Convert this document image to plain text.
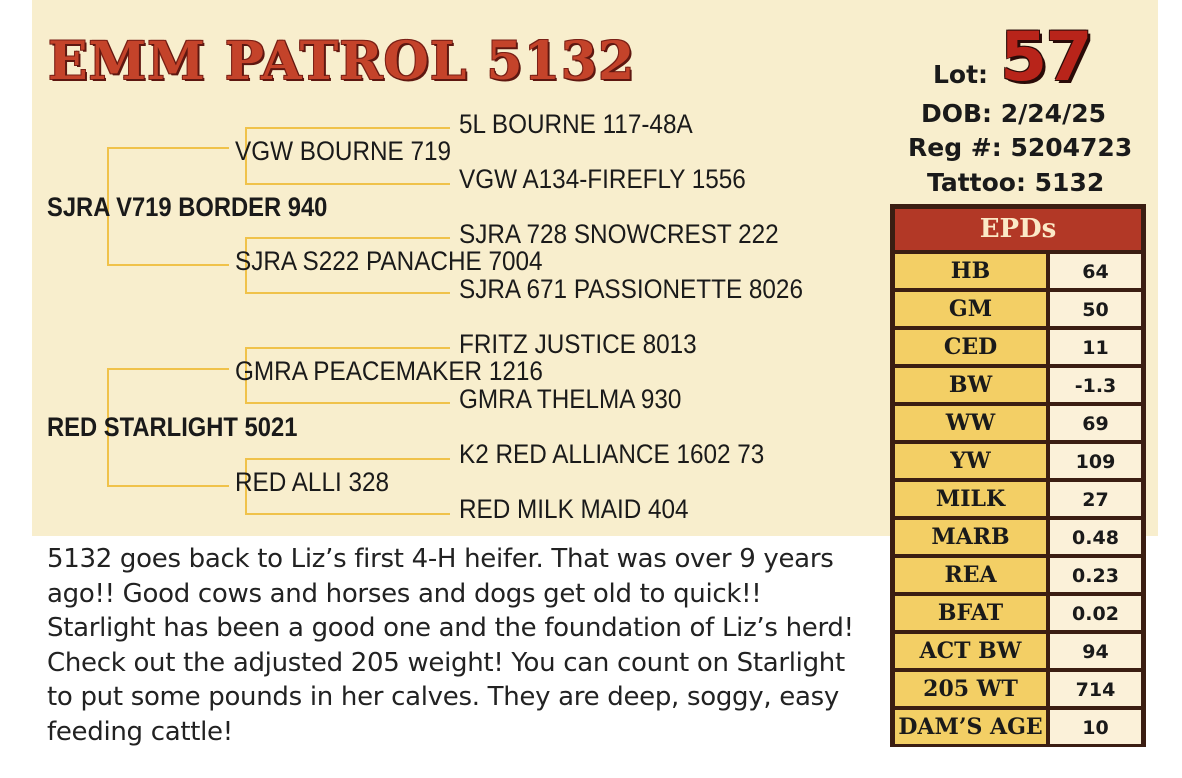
EMM PATROL 5132	Lot: 57
DOB: 2/24/25
Reg #: 5204723
Tattoo: 5132
5L BOURNE 117-48A
VGW BOURNE 719
VGW A134-FIREFLY 1556
SJRA V719 BORDER 940
SJRA 728 SNOWCREST 222
SJRA S222 PANACHE 7004
SJRA 671 PASSIONETTE 8026
FRITZ JUSTICE 8013
GMRA PEACEMAKER 1216
GMRA THELMA 930
RED STARLIGHT 5021
K2 RED ALLIANCE 1602 73
RED ALLI 328
RED MILK MAID 404
5132 goes back to Liz’s first 4-H heifer. That was over 9 years
ago!! Good cows and horses and dogs get old to quick!!
Starlight has been a good one and the foundation of Liz’s herd!
Check out the adjusted 205 weight! You can count on Starlight
to put some pounds in her calves. They are deep, soggy, easy
feeding cattle!
EPDs
HB	64
GM	50
CED	11
BW	-1.3
WW	69
YW	109
MILK	27
MARB	0.48
REA	0.23
BFAT	0.02
ACT BW	94
205 WT	714
DAM’S AGE	10
